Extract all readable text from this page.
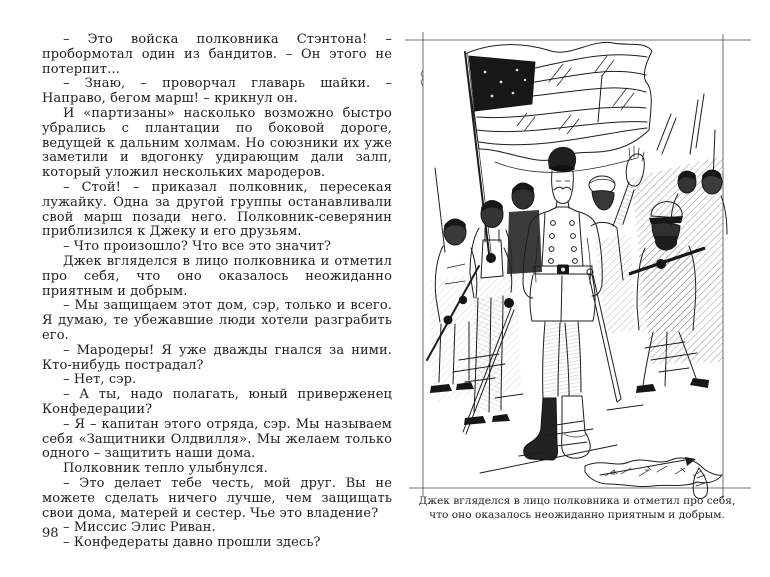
– Это войска полковника Стэнтона! – пробормотал один из бандитов. – Он этого не потерпит…

– Знаю, – проворчал главарь шайки. – Направо, бегом марш! – крикнул он.

И «партизаны» насколько возможно быстро убрались с плантации по боковой дороге, ведущей к дальним холмам. Но союзники их уже заметили и вдогонку удирающим дали залп, который уложил нескольких мародеров.

– Стой! – приказал полковник, пересекая лужайку. Одна за другой группы останавливали свой марш позади него. Полковник-северянин приблизился к Джеку и его друзьям.

– Что произошло? Что все это значит?

Джек вгляделся в лицо полковника и отметил про себя, что оно оказалось неожиданно приятным и добрым.

– Мы защищаем этот дом, сэр, только и всего. Я думаю, те убежавшие люди хотели разграбить его.

– Мародеры! Я уже дважды гнался за ними. Кто-нибудь пострадал?

– Нет, сэр.

– А ты, надо полагать, юный приверженец Конфедерации?

– Я – капитан этого отряда, сэр. Мы называем себя «Защитники Олдвилля». Мы желаем только одного – защитить наши дома.

Полковник тепло улыбнулся.

– Это делает тебе честь, мой друг. Вы не можете сделать ничего лучше, чем защищать свои дома, матерей и сестер. Чье это владение?

– Миссис Элис Риван.

– Конфедераты давно прошли здесь?

98
Джек вгляделся в лицо полковника и отметил про себя,
что оно оказалось неожиданно приятным и добрым.
